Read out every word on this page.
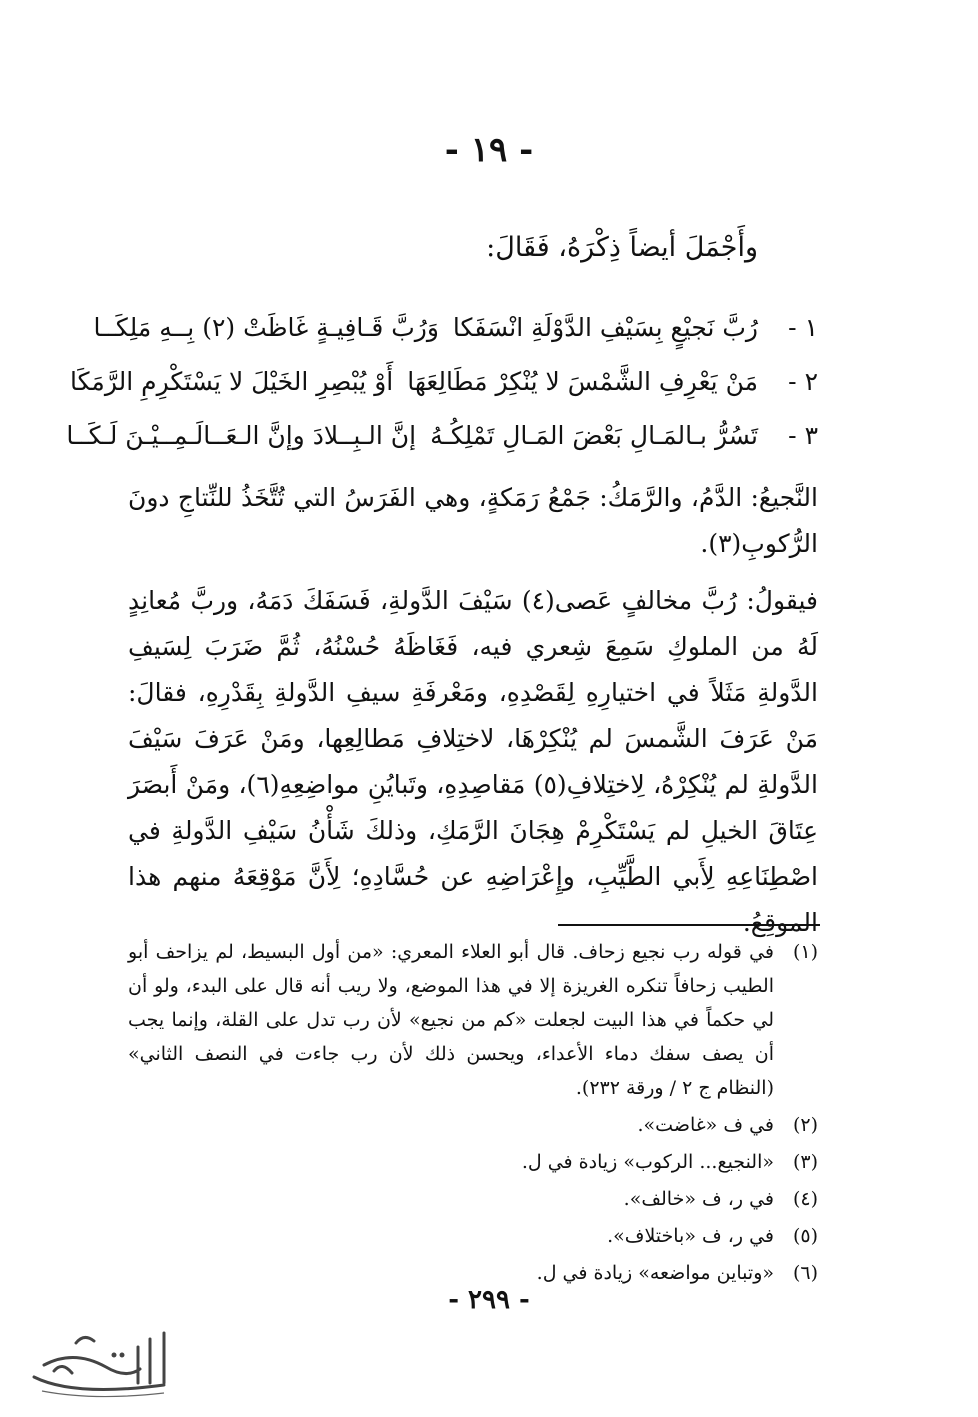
- ١٩ -
وأَجْمَلَ أيضاً ذِكْرَهُ، فَقَالَ:
١ -
رُبَّ نَجيْعٍ بِسَيْفِ الدَّوْلَةِ انْسَفَكا
وَرُبَّ قَـافِيـةٍ غَاظَتْ (٢) بِــهِ مَلِكَــا
٢ -
مَنْ يَعْرِفِ الشَّمْسَ لا يُنْكِرْ مَطَالِعَهَا
أَوْ يُبْصِرِ الخَيْلَ لا يَسْتَكْرِمِ الرَّمَكَا
٣ -
تَسُرُّ بـالمَـالِ بَعْضَ المَـالِ تَمْلِكُـهُ
إنَّ الـبِــلادَ وإنَّ الـعَــالَـمِــيْـنَ لَـكَــا
النَّجيعُ: الدَّمُ، والرَّمَكُ: جَمْعُ رَمَكةٍ، وهي الفَرَسُ التي تُتَّخَذُ للنِّتاجِ دونَ الرُّكوبِ(٣).
فيقولُ: رُبَّ مخالفٍ عَصى(٤) سَيْفَ الدَّولةِ، فَسَفَكَ دَمَهُ، وربَّ مُعانِدٍ لَهُ من الملوكِ سَمِعَ شِعري فيه، فَغَاظَهُ حُسْنُهُ، ثُمَّ ضَرَبَ لِسَيفِ الدَّولةِ مَثَلاً في اختيارِهِ لِقَصْدِهِ، ومَعْرفَةِ سيفِ الدَّولةِ بِقَدْرِهِ، فقالَ: مَنْ عَرَفَ الشَّمسَ لم يُنْكِرْهَا، لاختِلافِ مَطالِعِها، ومَنْ عَرَفَ سَيْفَ الدَّولةِ لم يُنْكِرْهُ، لِاختِلافِ(٥) مَقاصِدِهِ، وتَبايُنِ مواضِعِهِ(٦)، ومَنْ أَبصَرَ عِتَاقَ الخيلِ لم يَسْتَكْرِمْ هِجَانَ الرَّمَكِ، وذلكَ شَأْنُ سَيْفِ الدَّولةِ في اصْطِنَاعِهِ لِأَبي الطَّيِّبِ، وإِعْرَاضِهِ عن حُسَّادِهِ؛ لِأَنَّ مَوْقِعَهُ منهم هذا الموقِعُ.
(١)
في قوله رب نجيع زحاف. قال أبو العلاء المعري: «من أول البسيط، لم يزاحف أبو الطيب زحافاً تنكره الغريزة إلا في هذا الموضع، ولا ريب أنه قال على البدء، ولو أن لي حكماً في هذا البيت لجعلت «كم من نجيع» لأن رب تدل على القلة، وإنما يجب أن يصف سفك دماء الأعداء، ويحسن ذلك لأن رب جاءت في النصف الثاني» (النظام ج ٢ / ورقة ٢٣٢).
(٢)
في ف «غاضت».
(٣)
«النجيع... الركوب» زيادة في ل.
(٤)
في ر، ف «خالف».
(٥)
في ر، ف «باختلاف».
(٦)
«وتباين مواضعه» زيادة في ل.
- ٢٩٩ -
